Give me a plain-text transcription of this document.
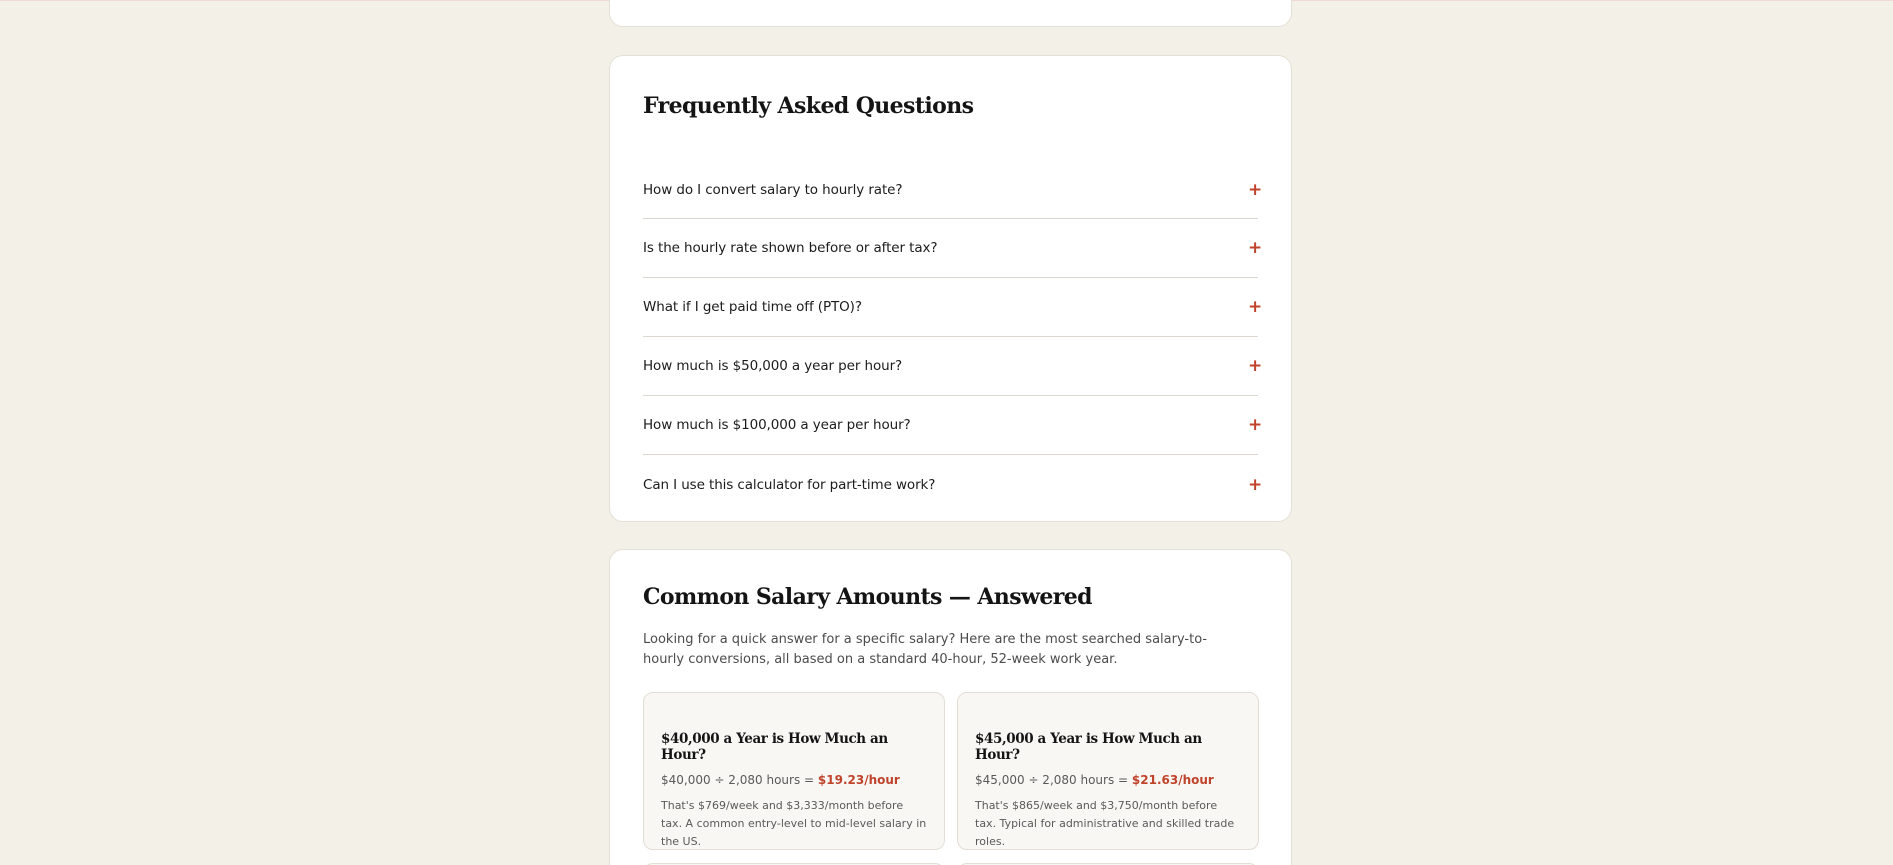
Frequently Asked Questions
How do I convert salary to hourly rate?	+
Is the hourly rate shown before or after tax?	+
What if I get paid time off (PTO)?	+
How much is $50,000 a year per hour?	+
How much is $100,000 a year per hour?	+
Can I use this calculator for part-time work?	+
Common Salary Amounts — Answered

Looking for a quick answer for a specific salary? Here are the most searched salary-to-hourly conversions, all based on a standard 40-hour, 52-week work year.

$40,000 a Year is How Much an Hour?
$40,000 ÷ 2,080 hours = $19.23/hour

That's $769/week and $3,333/month before tax. A common entry-level to mid-level salary in the US.

$45,000 a Year is How Much an Hour?
$45,000 ÷ 2,080 hours = $21.63/hour

That's $865/week and $3,750/month before tax. Typical for administrative and skilled trade roles.
